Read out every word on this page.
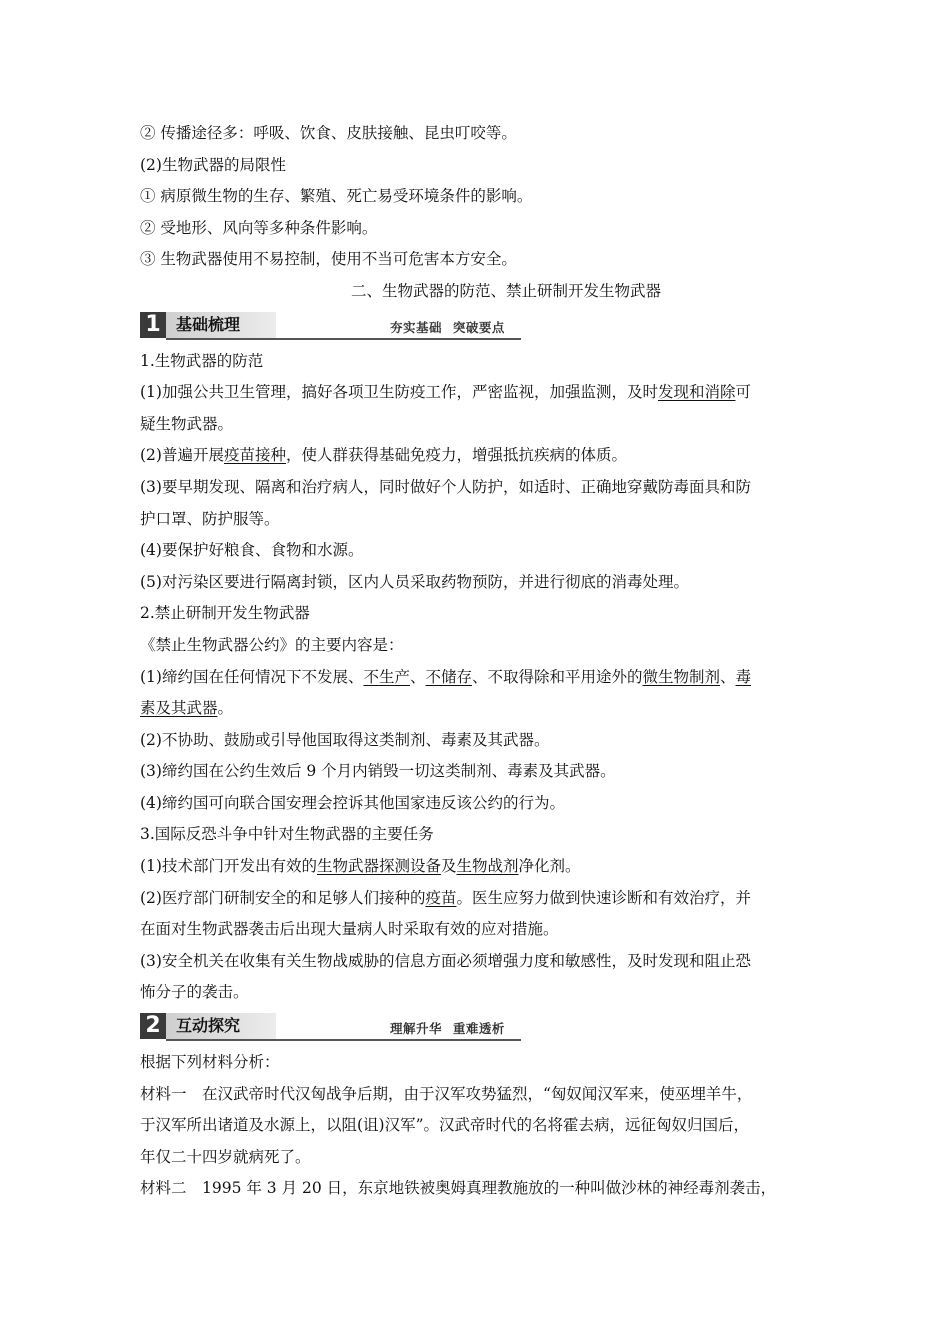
② 传播途径多：呼吸、饮食、皮肤接触、昆虫叮咬等。
(2)生物武器的局限性
① 病原微生物的生存、繁殖、死亡易受环境条件的影响。
② 受地形、风向等多种条件影响。
③ 生物武器使用不易控制，使用不当可危害本方安全。
二、生物武器的防范、禁止研制开发生物武器
1 基础梳理	夯实基础 突破要点
1.生物武器的防范
(1)加强公共卫生管理，搞好各项卫生防疫工作，严密监视，加强监测，及时发现和消除可
疑生物武器。
(2)普遍开展疫苗接种，使人群获得基础免疫力，增强抵抗疾病的体质。
(3)要早期发现、隔离和治疗病人，同时做好个人防护，如适时、正确地穿戴防毒面具和防
护口罩、防护服等。
(4)要保护好粮食、食物和水源。
(5)对污染区要进行隔离封锁，区内人员采取药物预防，并进行彻底的消毒处理。
2.禁止研制开发生物武器
《禁止生物武器公约》的主要内容是：
(1)缔约国在任何情况下不发展、不生产、不储存、不取得除和平用途外的微生物制剂、毒
素及其武器。
(2)不协助、鼓励或引导他国取得这类制剂、毒素及其武器。
(3)缔约国在公约生效后 9 个月内销毁一切这类制剂、毒素及其武器。
(4)缔约国可向联合国安理会控诉其他国家违反该公约的行为。
3.国际反恐斗争中针对生物武器的主要任务
(1)技术部门开发出有效的生物武器探测设备及生物战剂净化剂。
(2)医疗部门研制安全的和足够人们接种的疫苗。医生应努力做到快速诊断和有效治疗，并
在面对生物武器袭击后出现大量病人时采取有效的应对措施。
(3)安全机关在收集有关生物战威胁的信息方面必须增强力度和敏感性，及时发现和阻止恐
怖分子的袭击。
2 互动探究	理解升华 重难透析
根据下列材料分析：
材料一　在汉武帝时代汉匈战争后期，由于汉军攻势猛烈，“匈奴闻汉军来，使巫埋羊牛，
于汉军所出诸道及水源上，以阻(诅)汉军”。汉武帝时代的名将霍去病，远征匈奴归国后，
年仅二十四岁就病死了。
材料二　1995 年 3 月 20 日，东京地铁被奥姆真理教施放的一种叫做沙林的神经毒剂袭击，
